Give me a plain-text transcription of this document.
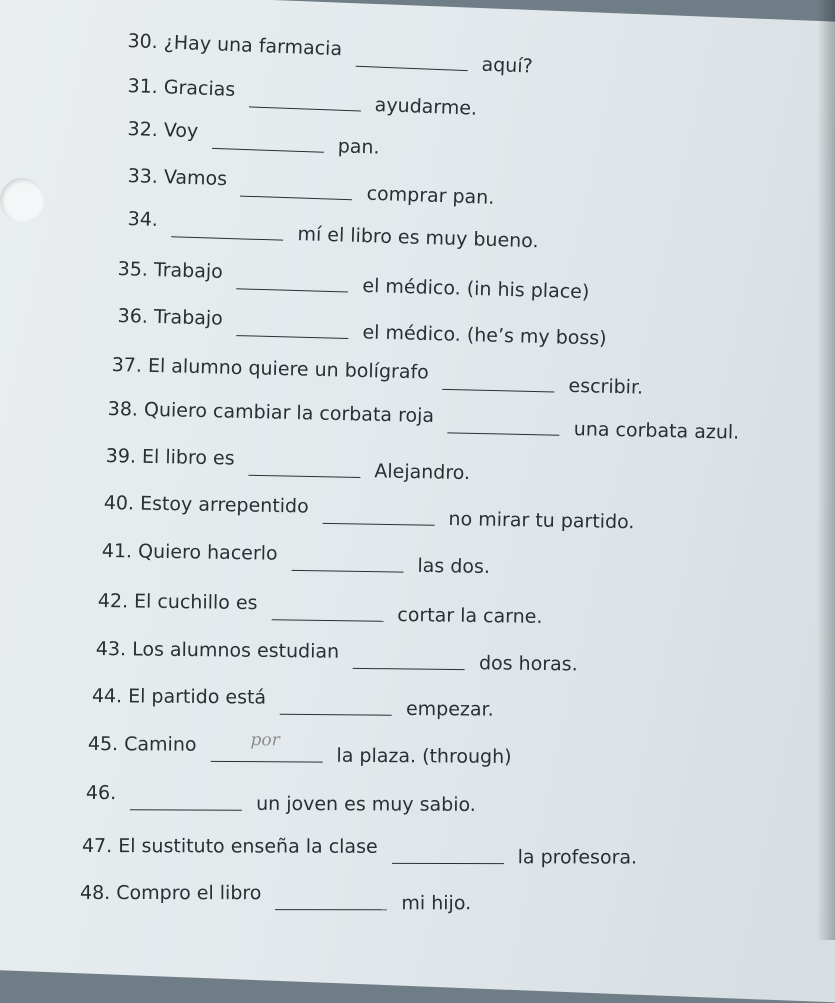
30. ¿Hay una farmacia
aquí?
31. Gracias
ayudarme.
32. Voy
pan.
33. Vamos
comprar pan.
34.
mí el libro es muy bueno.
35. Trabajo
el médico. (in his place)
36. Trabajo
el médico. (he’s my boss)
37. El alumno quiere un bolígrafo
escribir.
38. Quiero cambiar la corbata roja
una corbata azul.
39. El libro es
Alejandro.
40. Estoy arrepentido
no mirar tu partido.
41. Quiero hacerlo
las dos.
42. El cuchillo es
cortar la carne.
43. Los alumnos estudian
dos horas.
44. El partido está
empezar.
45. Camino	por
la plaza. (through)
46.	un joven es muy sabio.
47. El sustituto enseña la clase	la profesora.
48. Compro el libro	mi hijo.
